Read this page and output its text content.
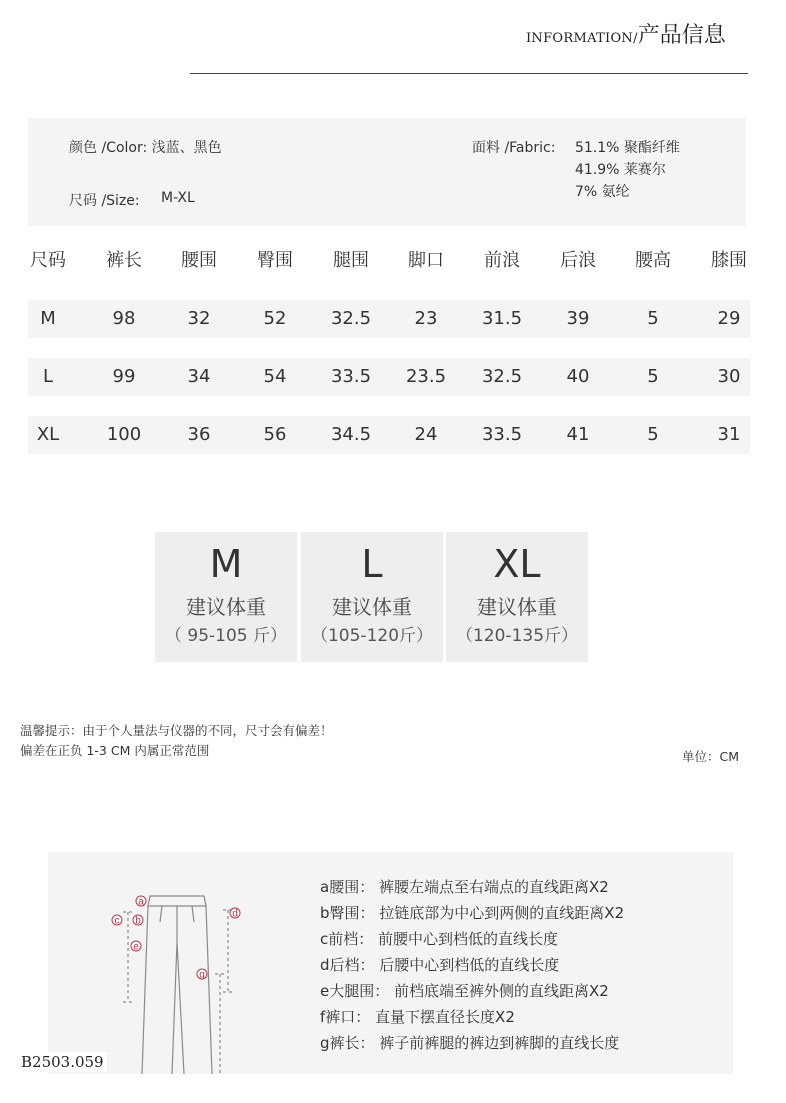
INFORMATION/产品信息
颜色 /Color: 浅蓝、黑色
尺码 /Size: M-XL
面料 /Fabric: 51.1% 聚酯纤维
41.9% 莱赛尔
7% 氨纶
尺码 裤长 腰围 臀围 腿围 脚口 前浪 后浪 腰高 膝围
M	98	32	52 32.5 23 31.5 39	5	29
L	99	34	54 33.5 23.5 32.5 40	5	30
XL	100	36	56 34.5 24 33.5 41	5	31
M
建议体重
（ 95-105 斤）
L
建议体重
（105-120斤）
XL
建议体重
（120-135斤）
温馨提示：由于个人量法与仪器的不同，尺寸会有偏差！
偏差在正负 1-3 CM 内属正常范围	单位：CM
a
b
c
d
e
g
a腰围： 裤腰左端点至右端点的直线距离X2
b臀围： 拉链底部为中心到两侧的直线距离X2
c前档： 前腰中心到档低的直线长度
d后档： 后腰中心到档低的直线长度
e大腿围： 前档底端至裤外侧的直线距离X2
f裤口： 直量下摆直径长度X2
g裤长： 裤子前裤腿的裤边到裤脚的直线长度
B2503.059
